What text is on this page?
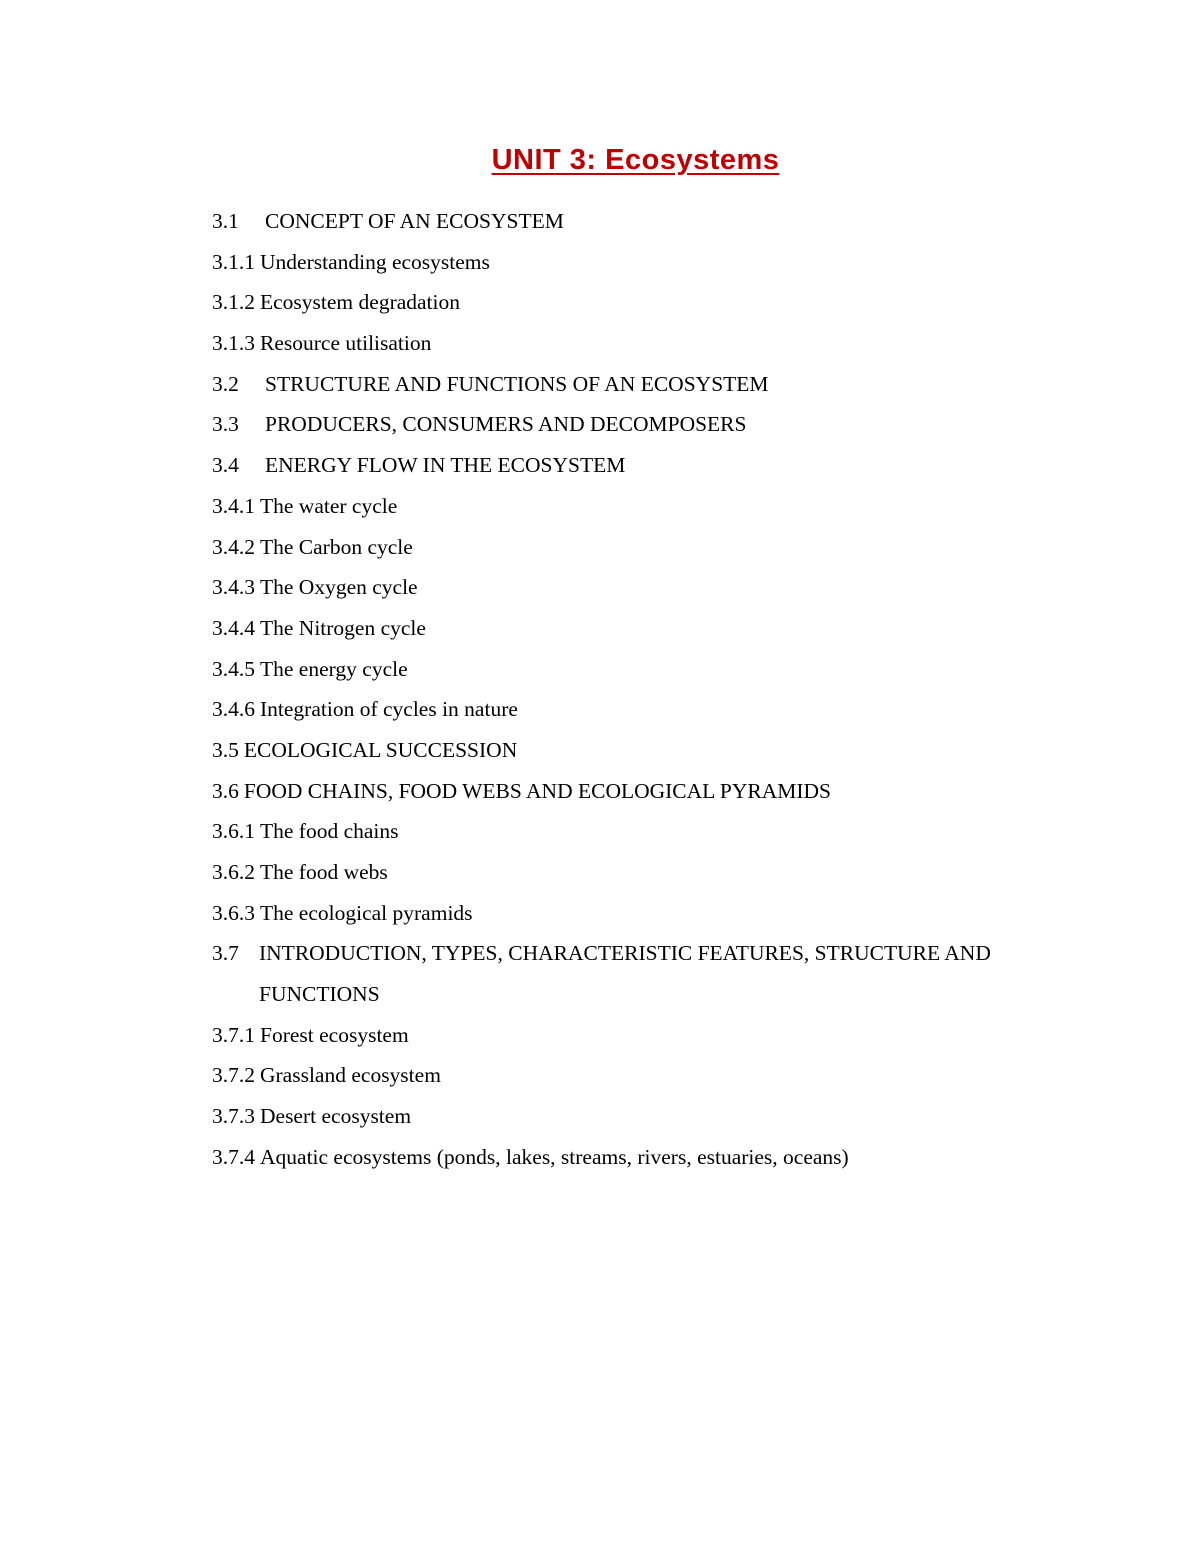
UNIT 3: Ecosystems
3.1	CONCEPT OF AN ECOSYSTEM
3.1.1 Understanding ecosystems
3.1.2 Ecosystem degradation
3.1.3 Resource utilisation
3.2	STRUCTURE AND FUNCTIONS OF AN ECOSYSTEM
3.3	PRODUCERS, CONSUMERS AND DECOMPOSERS
3.4	ENERGY FLOW IN THE ECOSYSTEM
3.4.1 The water cycle
3.4.2 The Carbon cycle
3.4.3 The Oxygen cycle
3.4.4 The Nitrogen cycle
3.4.5 The energy cycle
3.4.6 Integration of cycles in nature
3.5 ECOLOGICAL SUCCESSION
3.6 FOOD CHAINS, FOOD WEBS AND ECOLOGICAL PYRAMIDS
3.6.1 The food chains
3.6.2 The food webs
3.6.3 The ecological pyramids
3.7 INTRODUCTION, TYPES, CHARACTERISTIC FEATURES, STRUCTURE AND FUNCTIONS
3.7.1 Forest ecosystem
3.7.2 Grassland ecosystem
3.7.3 Desert ecosystem
3.7.4 Aquatic ecosystems (ponds, lakes, streams, rivers, estuaries, oceans)
